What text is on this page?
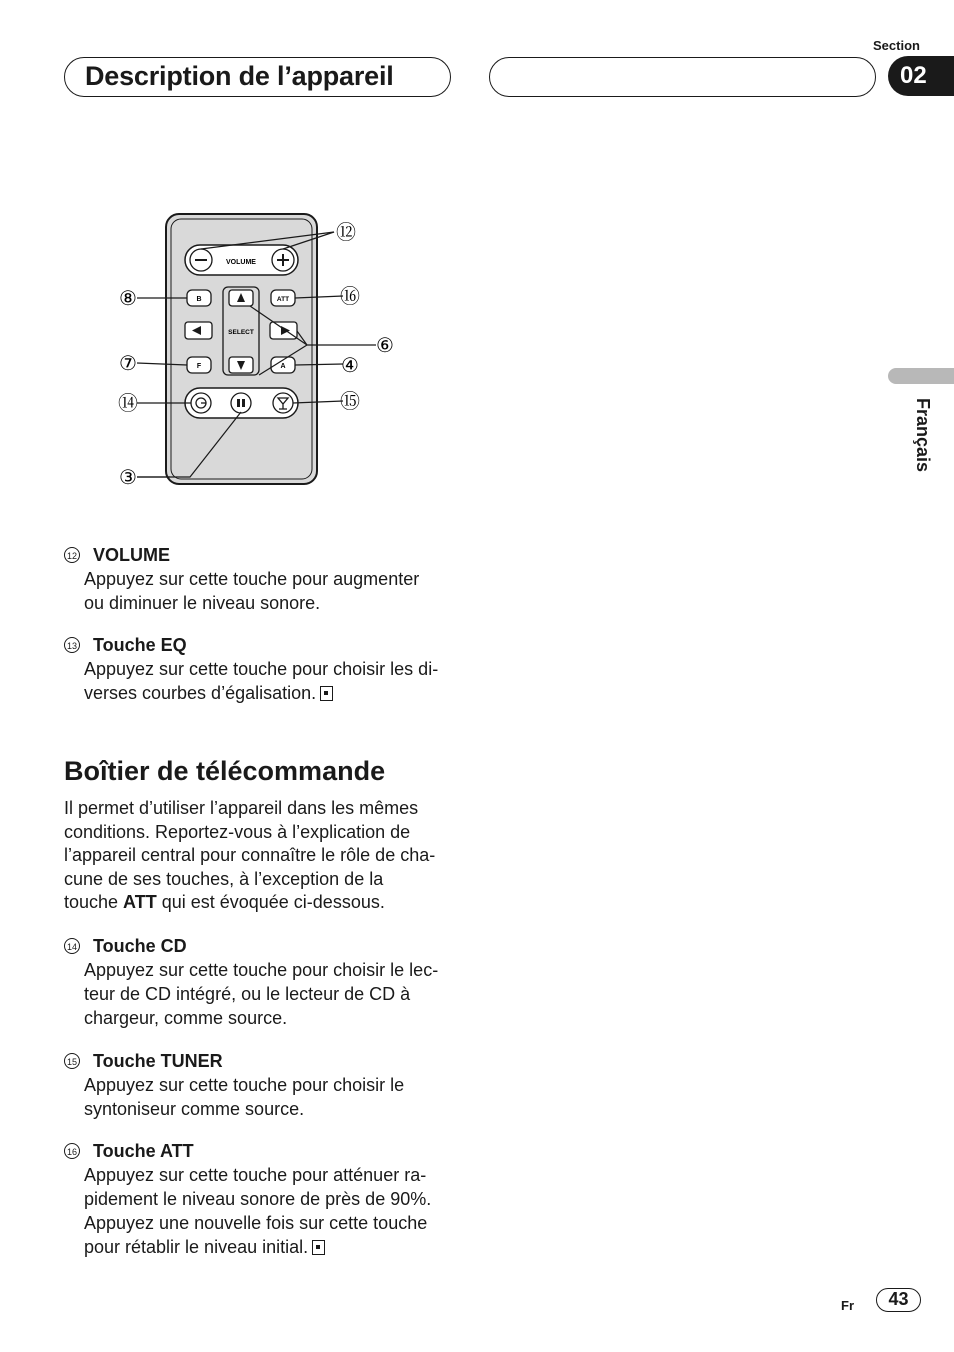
Description de l’appareil
Section
02
Français
VOLUME
B
F
ATT
A
SELECT
⑫
⑧	⑯
⑥
⑦	④
⑭	⑮
③
12 VOLUME
Appuyez sur cette touche pour augmenter
ou diminuer le niveau sonore.
13 Touche EQ
Appuyez sur cette touche pour choisir les di-
verses courbes d’égalisation.
Boîtier de télécommande
Il permet d’utiliser l’appareil dans les mêmes
conditions. Reportez-vous à l’explication de
l’appareil central pour connaître le rôle de cha-
cune de ses touches, à l’exception de la
touche ATT qui est évoquée ci-dessous.
14 Touche CD
Appuyez sur cette touche pour choisir le lec-
teur de CD intégré, ou le lecteur de CD à
chargeur, comme source.
15 Touche TUNER
Appuyez sur cette touche pour choisir le
syntoniseur comme source.
16 Touche ATT
Appuyez sur cette touche pour atténuer ra-
pidement le niveau sonore de près de 90%.
Appuyez une nouvelle fois sur cette touche
pour rétablir le niveau initial.
Fr	43
